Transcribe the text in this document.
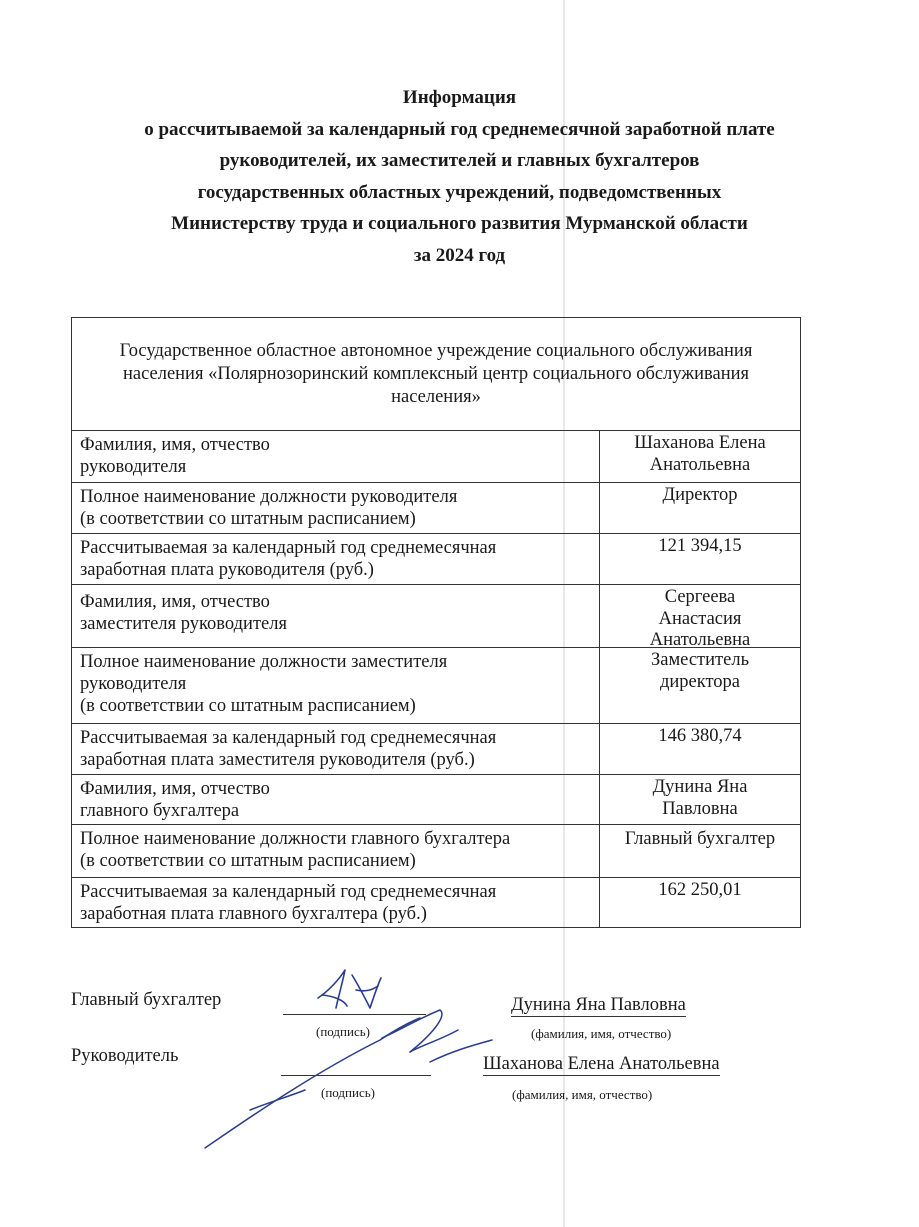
Информация
о рассчитываемой за календарный год среднемесячной заработной плате
руководителей, их заместителей и главных бухгалтеров
государственных областных учреждений, подведомственных
Министерству труда и социального развития Мурманской области
за 2024 год
Государственное областное автономное учреждение социального обслуживания населения «Полярнозоринский комплексный центр социального обслуживания населения»
Фамилия, имя, отчество
руководителя
Шаханова Елена
Анатольевна
Полное наименование должности руководителя
(в соответствии со штатным расписанием)
Директор
Рассчитываемая за календарный год среднемесячная
заработная плата руководителя (руб.)
121 394,15
Фамилия, имя, отчество
заместителя руководителя
Сергеева
Анастасия
Анатольевна
Полное наименование должности заместителя
руководителя
(в соответствии со штатным расписанием)
Заместитель
директора
Рассчитываемая за календарный год среднемесячная
заработная плата заместителя руководителя (руб.)
146 380,74
Фамилия, имя, отчество
главного бухгалтера
Дунина Яна
Павловна
Полное наименование должности главного бухгалтера
(в соответствии со штатным расписанием)
Главный бухгалтер
Рассчитываемая за календарный год среднемесячная
заработная плата главного бухгалтера (руб.)
162 250,01
Главный бухгалтер
(подпись)
Дунина Яна Павловна
(фамилия, имя, отчество)
Руководитель
(подпись)
Шаханова Елена Анатольевна
(фамилия, имя, отчество)
